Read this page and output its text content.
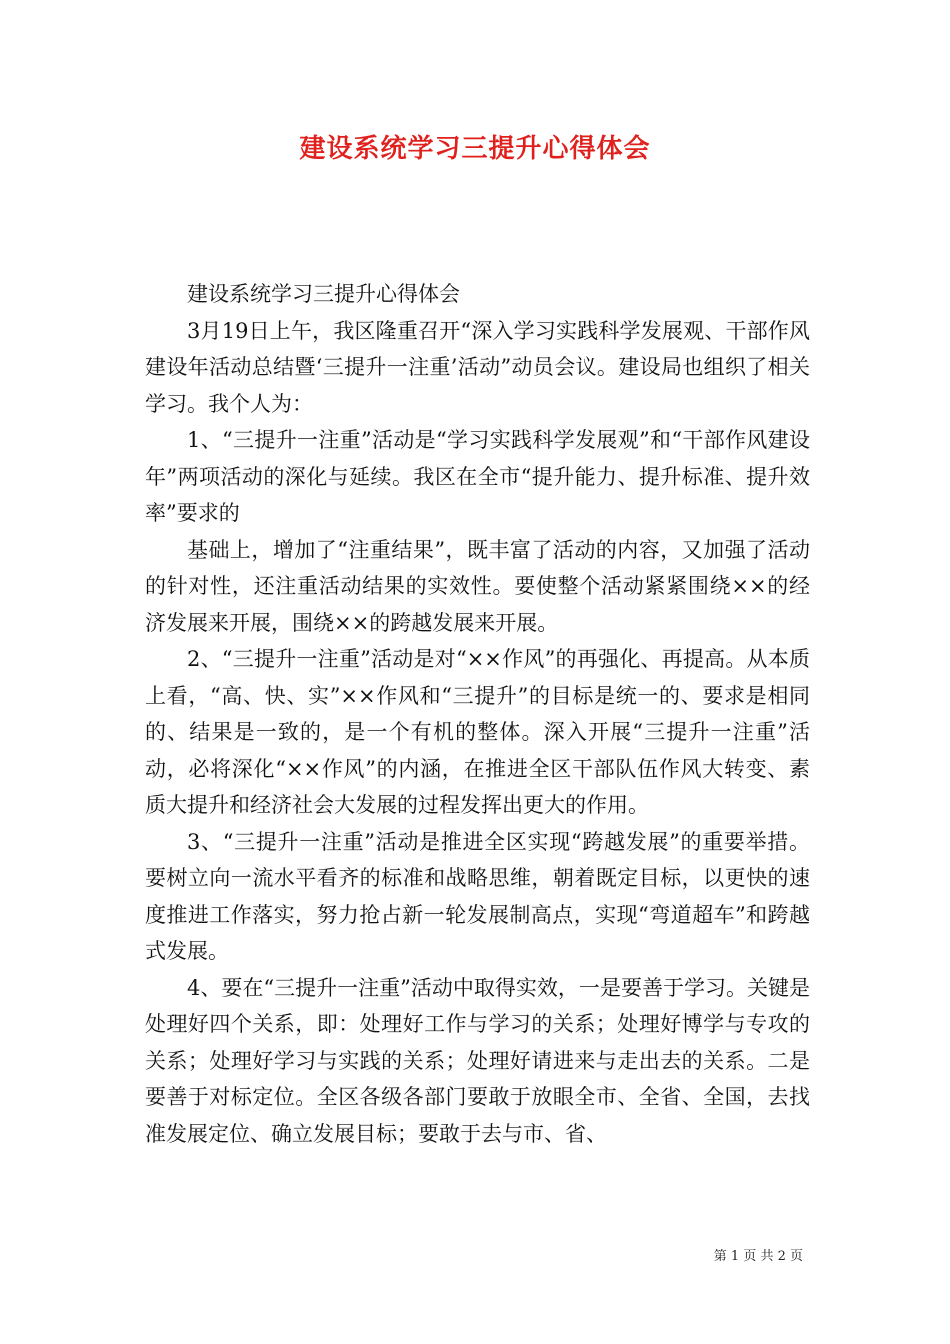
建设系统学习三提升心得体会

建设系统学习三提升心得体会

3月19日上午，我区隆重召开“深入学习实践科学发展观、干部作风建设年活动总结暨‘三提升一注重’活动”动员会议。建设局也组织了相关学习。我个人为：

1、“三提升一注重”活动是“学习实践科学发展观”和“干部作风建设年”两项活动的深化与延续。我区在全市“提升能力、提升标准、提升效率”要求的

基础上，增加了“注重结果”，既丰富了活动的内容，又加强了活动的针对性，还注重活动结果的实效性。要使整个活动紧紧围绕××的经济发展来开展，围绕××的跨越发展来开展。

2、“三提升一注重”活动是对“××作风”的再强化、再提高。从本质上看，“高、快、实”××作风和“三提升”的目标是统一的、要求是相同的、结果是一致的，是一个有机的整体。深入开展“三提升一注重”活动，必将深化“××作风”的内涵，在推进全区干部队伍作风大转变、素质大提升和经济社会大发展的过程发挥出更大的作用。

3、“三提升一注重”活动是推进全区实现“跨越发展”的重要举措。要树立向一流水平看齐的标准和战略思维，朝着既定目标，以更快的速度推进工作落实，努力抢占新一轮发展制高点，实现“弯道超车”和跨越式发展。

4、要在“三提升一注重”活动中取得实效，一是要善于学习。关键是处理好四个关系，即：处理好工作与学习的关系；处理好博学与专攻的关系；处理好学习与实践的关系；处理好请进来与走出去的关系。二是要善于对标定位。全区各级各部门要敢于放眼全市、全省、全国，去找准发展定位、确立发展目标；要敢于去与市、省、

第 1 页 共 2 页
